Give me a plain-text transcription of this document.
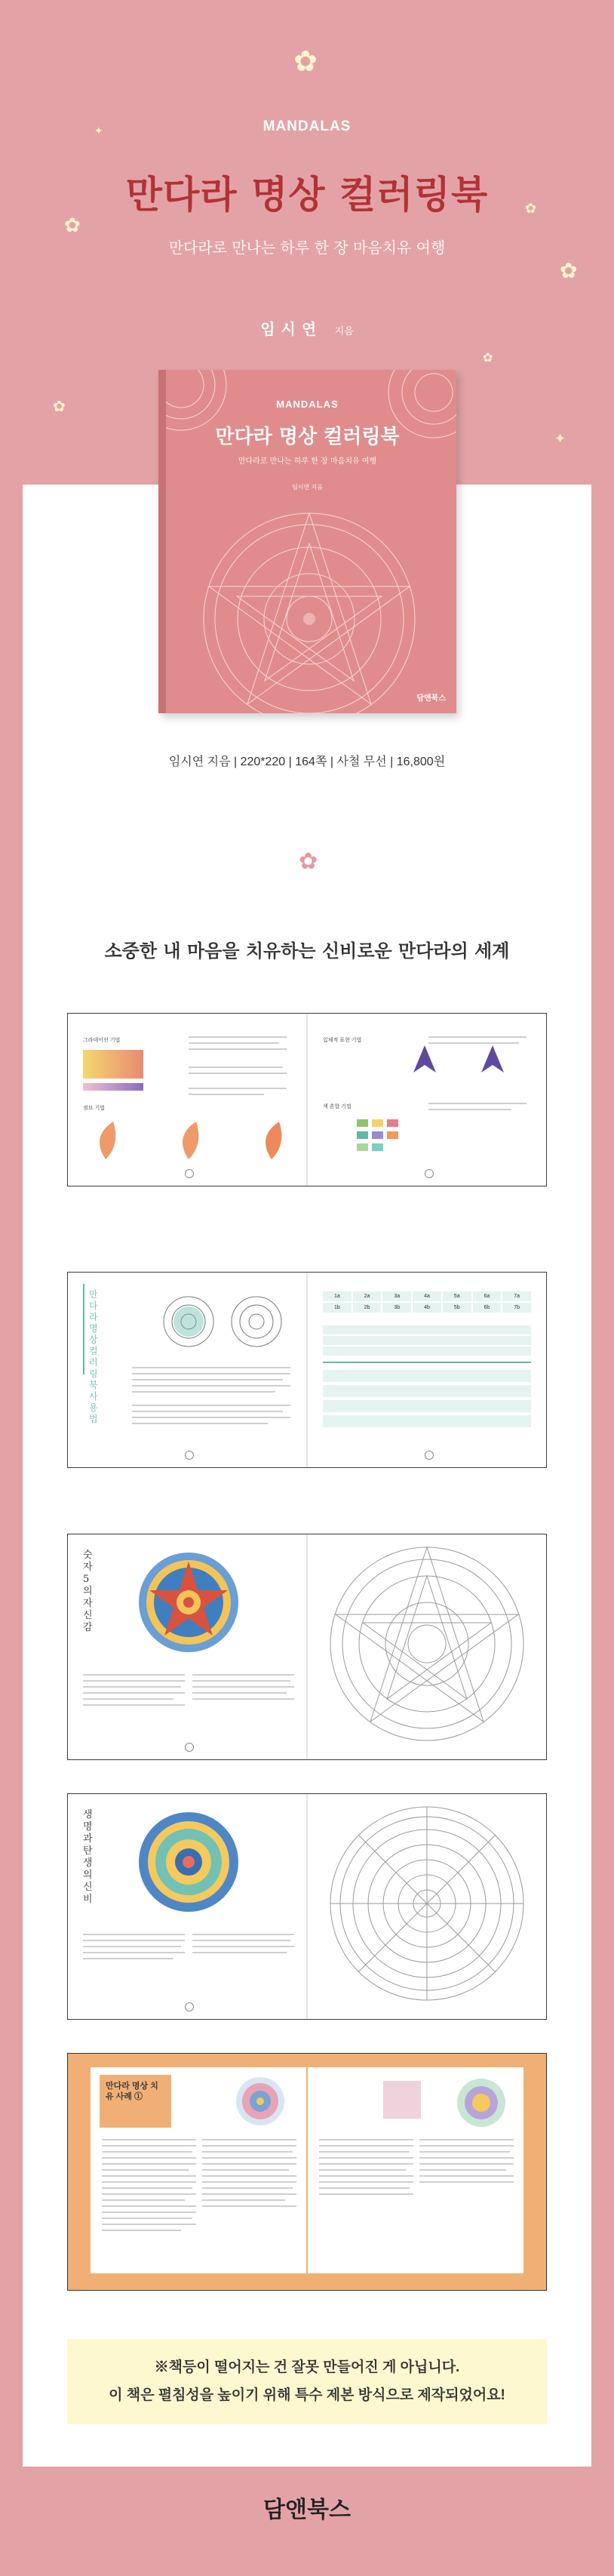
✿
✦
✿
✿
✿
✿
✿
✦
MANDALAS
만다라 명상 컬러링북
만다라로 만나는 하루 한 장 마음치유 여행
임시연 지음
MANDALAS
만다라 명상 컬러링북
만다라로 만나는 하루 한 장 마음치유 여행
임시연 지음
담앤북스
임시연 지음 | 220*220 | 164쪽 | 사철 무선 | 16,800원
✿
소중한 내 마음을 치유하는 신비로운 만다라의 세계
그라데이션 기법
점묘 기법
입체적 표현 기법
색 혼합 기법
만다라 명상 컬러링북 사용법
1a	2a	3a	4a	5a	6a	7a
1b	2b	3b	4b	5b	6b	7b
숫자 5의 자신감
생명과 탄생의 신비
만다라 명상 치유 사례 ①
※책등이 떨어지는 건 잘못 만들어진 게 아닙니다.
이 책은 펼침성을 높이기 위해 특수 제본 방식으로 제작되었어요!
담앤북스
